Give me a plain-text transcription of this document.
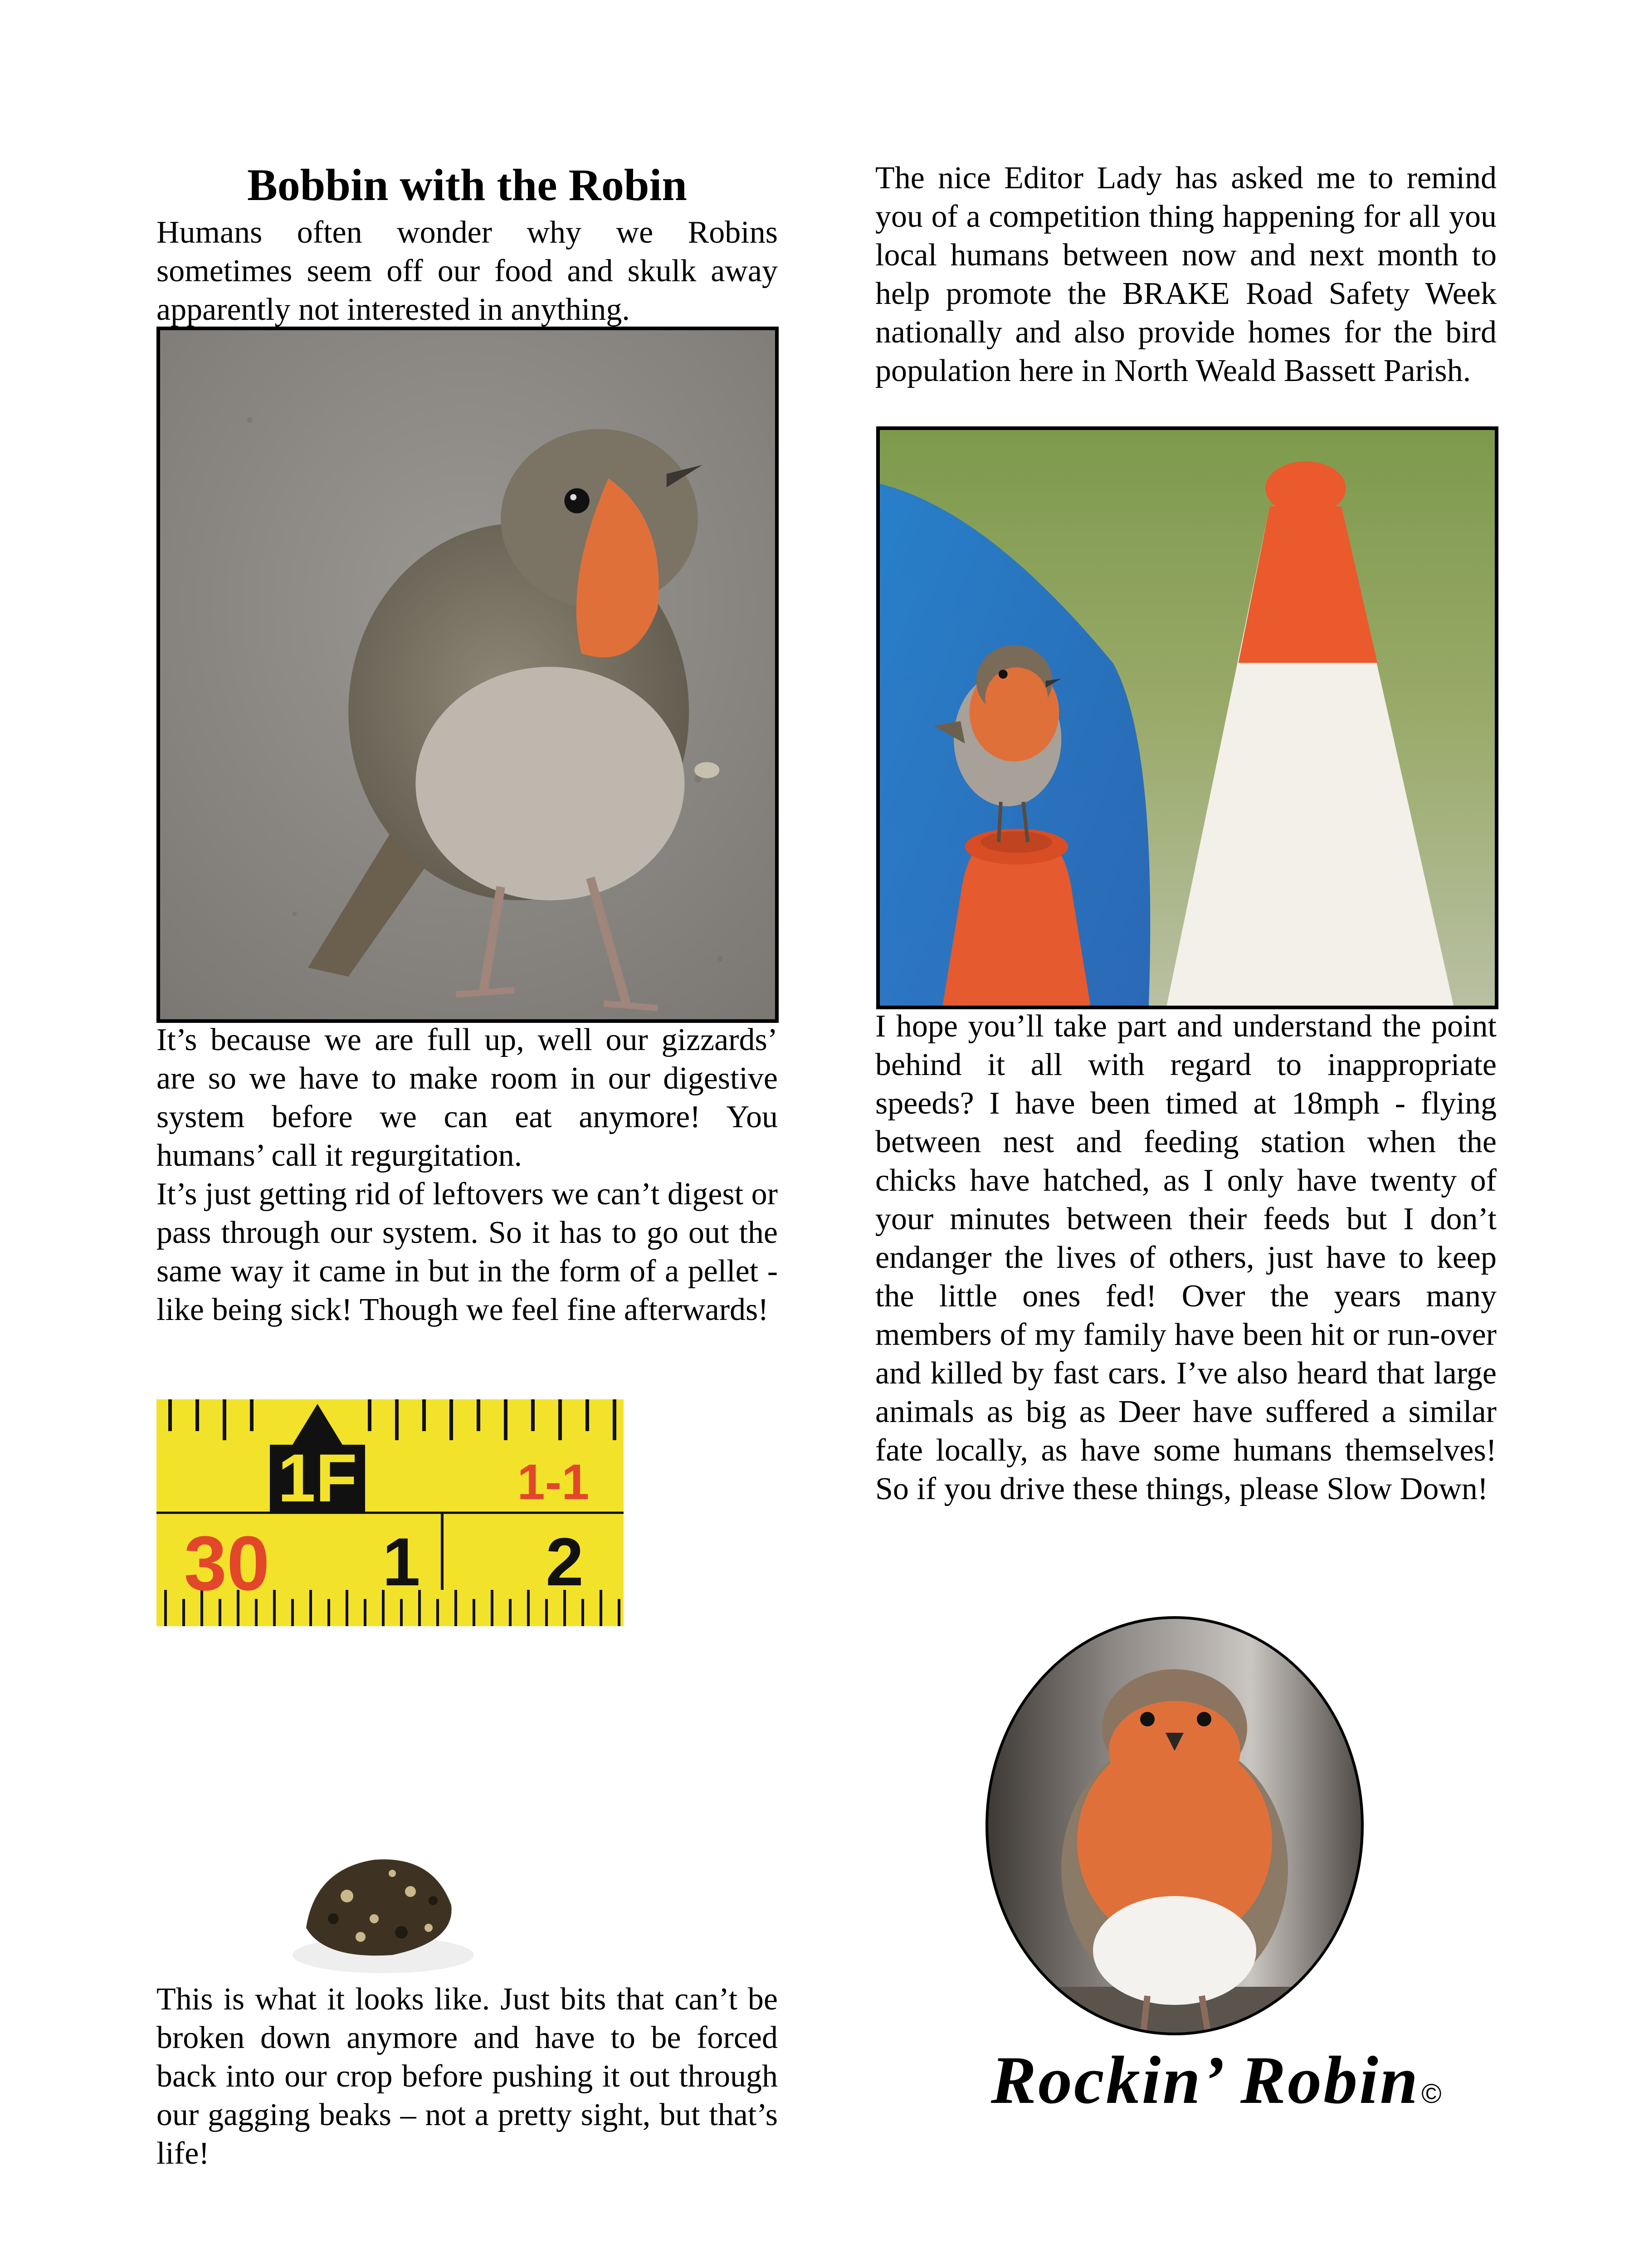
Bobbin with the Robin

Humans often wonder why we Robins sometimes seem off our food and skulk away apparently not interested in anything.

It’s because we are full up, well our gizzards’ are so we have to make room in our digestive system before we can eat anymore! You humans’ call it regurgitation.

It’s just getting rid of leftovers we can’t digest or pass through our system. So it has to go out the same way it came in but in the form of a pellet - like being sick! Though we feel fine afterwards!

1F	1-1
30 1 2

This is what it looks like. Just bits that can’t be broken down anymore and have to be forced back into our crop before pushing it out through our gagging beaks – not a pretty sight, but that’s life!

The nice Editor Lady has asked me to remind you of a competition thing happening for all you local humans between now and next month to help promote the BRAKE Road Safety Week nationally and also provide homes for the bird population here in North Weald Bassett Parish.

I hope you’ll take part and understand the point behind it all with regard to inappropriate speeds? I have been timed at 18mph - flying between nest and feeding station when the chicks have hatched, as I only have twenty of your minutes between their feeds but I don’t endanger the lives of others, just have to keep the little ones fed! Over the years many members of my family have been hit or run-over and killed by fast cars. I’ve also heard that large animals as big as Deer have suffered a similar fate locally, as have some humans themselves! So if you drive these things, please Slow Down!

Rockin’ Robin ©
